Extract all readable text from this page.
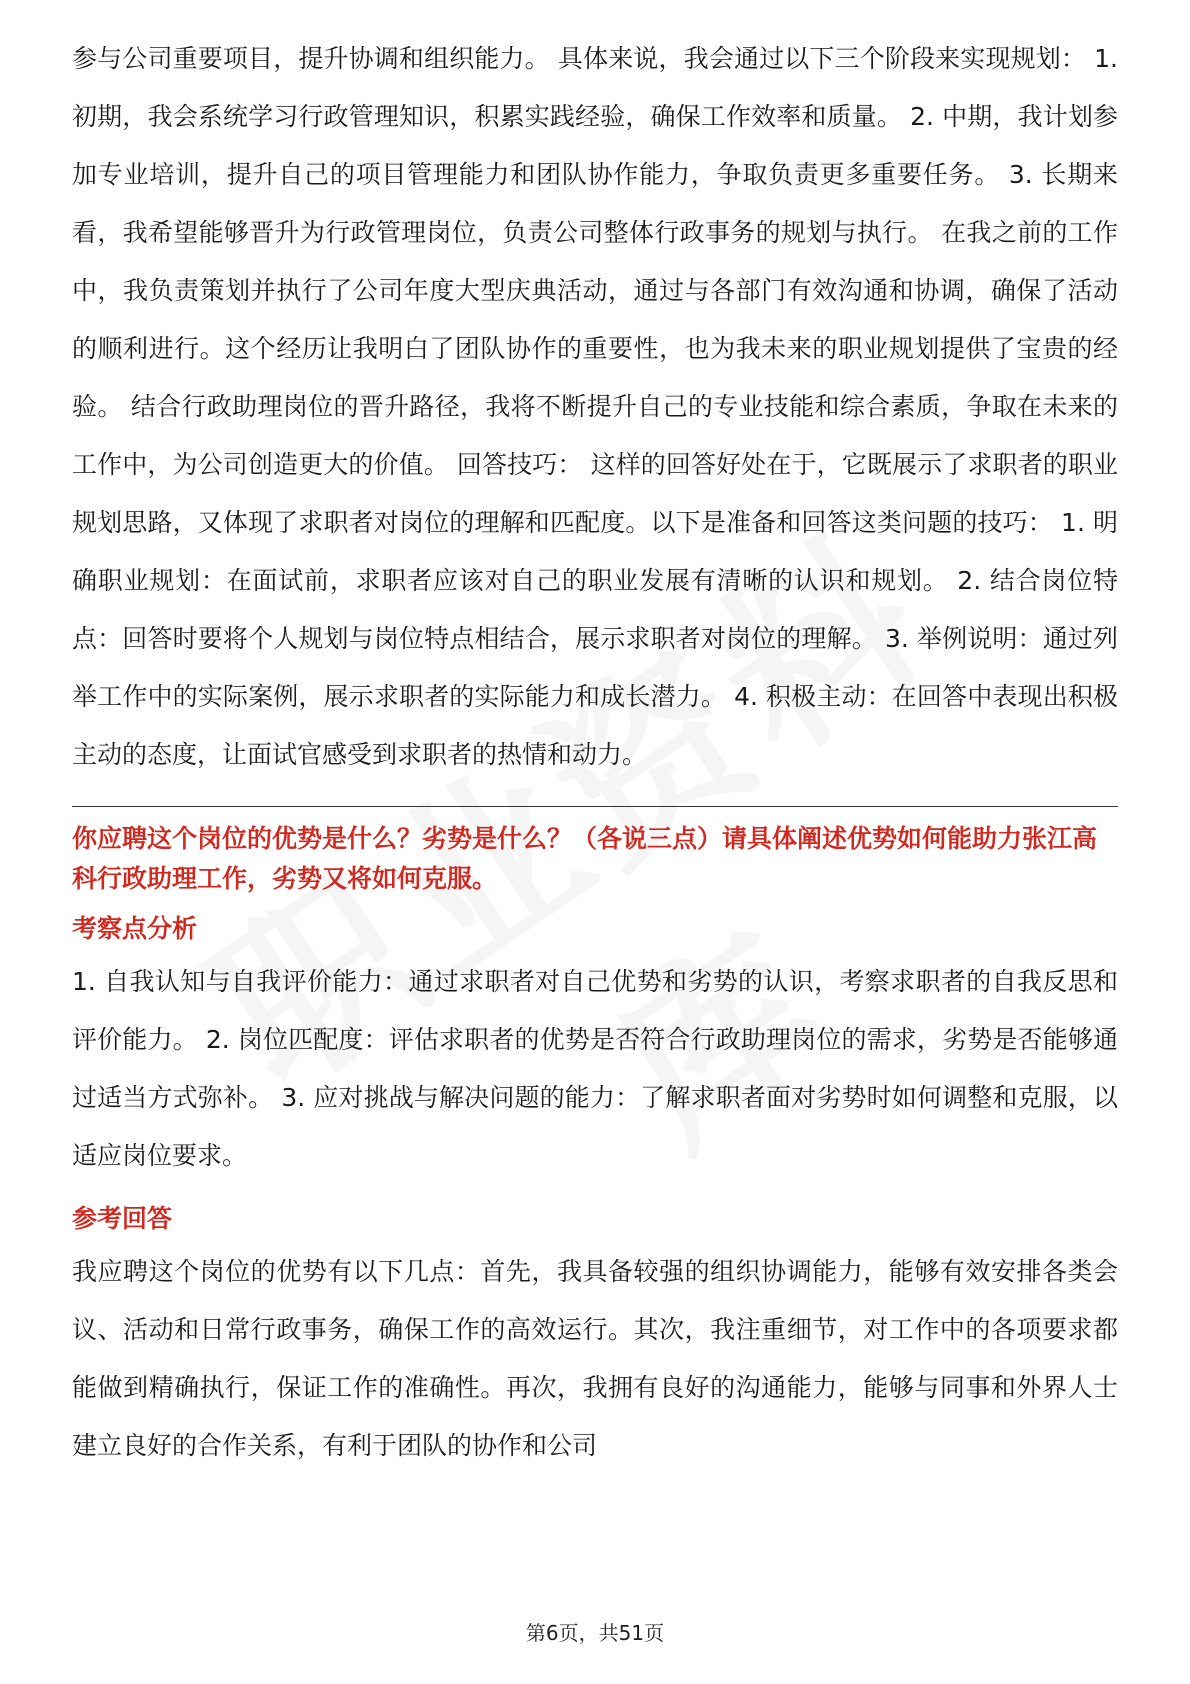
参与公司重要项目，提升协调和组织能力。 具体来说，我会通过以下三个阶段来实现规划： 1. 初期，我会系统学习行政管理知识，积累实践经验，确保工作效率和质量。 2. 中期，我计划参加专业培训，提升自己的项目管理能力和团队协作能力，争取负责更多重要任务。 3. 长期来看，我希望能够晋升为行政管理岗位，负责公司整体行政事务的规划与执行。 在我之前的工作中，我负责策划并执行了公司年度大型庆典活动，通过与各部门有效沟通和协调，确保了活动的顺利进行。这个经历让我明白了团队协作的重要性，也为我未来的职业规划提供了宝贵的经验。 结合行政助理岗位的晋升路径，我将不断提升自己的专业技能和综合素质，争取在未来的工作中，为公司创造更大的价值。 回答技巧： 这样的回答好处在于，它既展示了求职者的职业规划思路，又体现了求职者对岗位的理解和匹配度。以下是准备和回答这类问题的技巧： 1. 明确职业规划：在面试前，求职者应该对自己的职业发展有清晰的认识和规划。 2. 结合岗位特点：回答时要将个人规划与岗位特点相结合，展示求职者对岗位的理解。 3. 举例说明：通过列举工作中的实际案例，展示求职者的实际能力和成长潜力。 4. 积极主动：在回答中表现出积极主动的态度，让面试官感受到求职者的热情和动力。

你应聘这个岗位的优势是什么？劣势是什么？（各说三点）请具体阐述优势如何能助力张江高科行政助理工作，劣势又将如何克服。

考察点分析

1. 自我认知与自我评价能力：通过求职者对自己优势和劣势的认识，考察求职者的自我反思和评价能力。 2. 岗位匹配度：评估求职者的优势是否符合行政助理岗位的需求，劣势是否能够通过适当方式弥补。 3. 应对挑战与解决问题的能力：了解求职者面对劣势时如何调整和克服，以适应岗位要求。

参考回答

我应聘这个岗位的优势有以下几点：首先，我具备较强的组织协调能力，能够有效安排各类会议、活动和日常行政事务，确保工作的高效运行。其次，我注重细节，对工作中的各项要求都能做到精确执行，保证工作的准确性。再次，我拥有良好的沟通能力，能够与同事和外界人士建立良好的合作关系，有利于团队的协作和公司

第6页，共51页
